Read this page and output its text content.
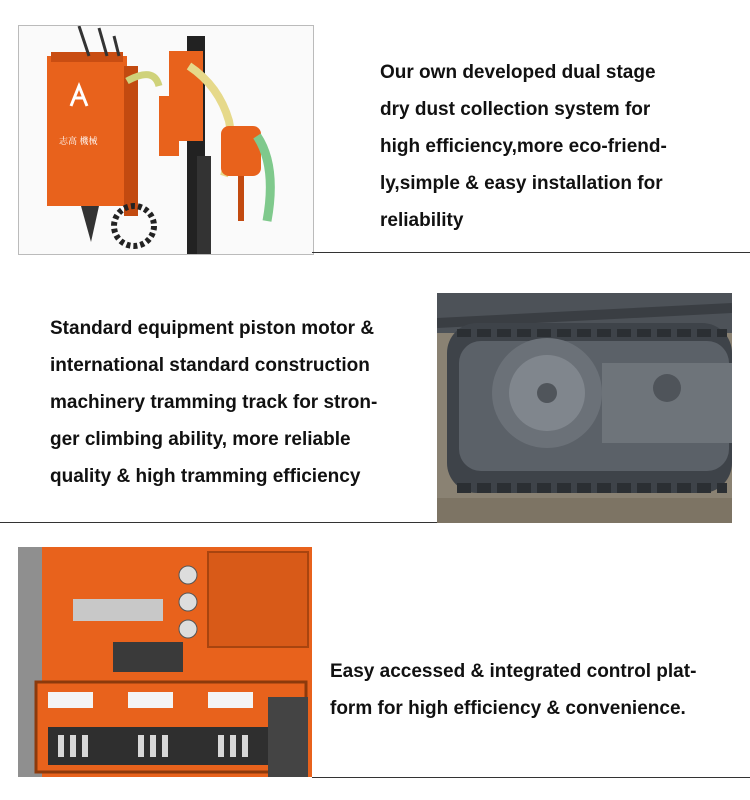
志高 機械
Our own developed dual stage
dry dust collection system for
high efficiency,more eco-friend-
ly,simple & easy installation for
reliability
Standard equipment piston motor &
international standard construction
machinery tramming track for stron-
ger climbing ability, more reliable
quality & high tramming efficiency
Easy accessed & integrated control plat-
form for high efficiency & convenience.
